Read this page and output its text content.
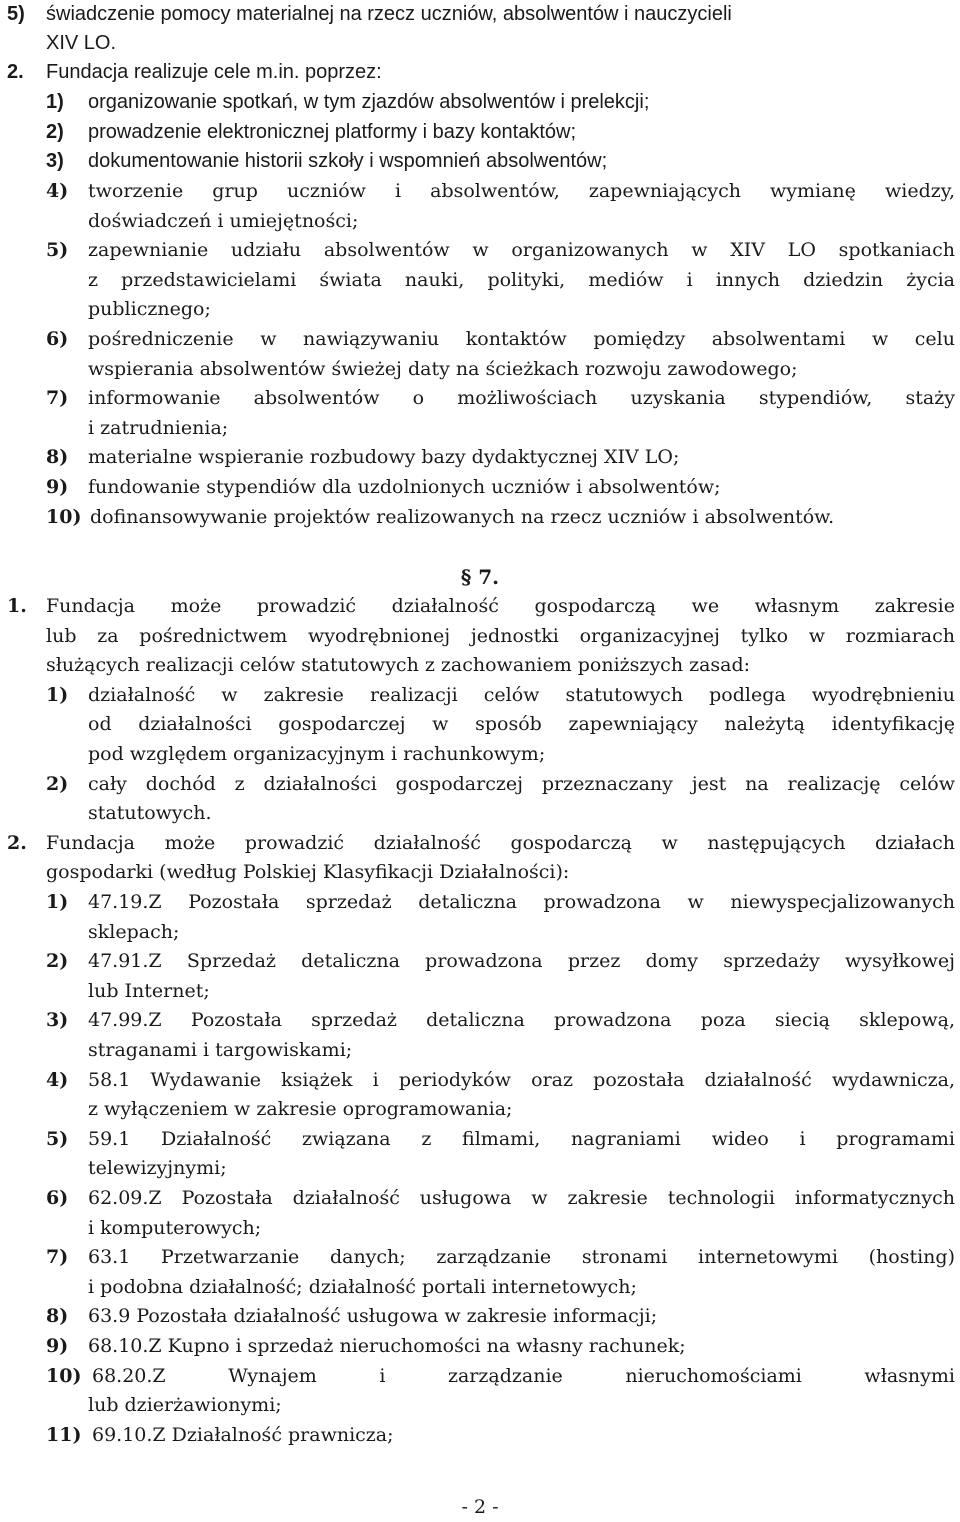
5) świadczenie pomocy materialnej na rzecz uczniów, absolwentów i nauczycieli
XIV LO.
2. Fundacja realizuje cele m.in. poprzez:
1) organizowanie spotkań, w tym zjazdów absolwentów i prelekcji;
2) prowadzenie elektronicznej platformy i bazy kontaktów;
3) dokumentowanie historii szkoły i wspomnień absolwentów;
4) tworzenie grup uczniów i absolwentów, zapewniających wymianę wiedzy,
doświadczeń i umiejętności;
5) zapewnianie udziału absolwentów w organizowanych w XIV LO spotkaniach
z przedstawicielami świata nauki, polityki, mediów i innych dziedzin życia
publicznego;
6) pośredniczenie w nawiązywaniu kontaktów pomiędzy absolwentami w celu
wspierania absolwentów świeżej daty na ścieżkach rozwoju zawodowego;
7) informowanie absolwentów o możliwościach uzyskania stypendiów, staży
i zatrudnienia;
8) materialne wspieranie rozbudowy bazy dydaktycznej XIV LO;
9) fundowanie stypendiów dla uzdolnionych uczniów i absolwentów;
10) dofinansowywanie projektów realizowanych na rzecz uczniów i absolwentów.
§ 7.
1. Fundacja może prowadzić działalność gospodarczą we własnym zakresie
lub za pośrednictwem wyodrębnionej jednostki organizacyjnej tylko w rozmiarach
służących realizacji celów statutowych z zachowaniem poniższych zasad:
1) działalność w zakresie realizacji celów statutowych podlega wyodrębnieniu
od działalności gospodarczej w sposób zapewniający należytą identyfikację
pod względem organizacyjnym i rachunkowym;
2) cały dochód z działalności gospodarczej przeznaczany jest na realizację celów
statutowych.
2. Fundacja może prowadzić działalność gospodarczą w następujących działach
gospodarki (według Polskiej Klasyfikacji Działalności):
1) 47.19.Z Pozostała sprzedaż detaliczna prowadzona w niewyspecjalizowanych
sklepach;
2) 47.91.Z Sprzedaż detaliczna prowadzona przez domy sprzedaży wysyłkowej
lub Internet;
3) 47.99.Z Pozostała sprzedaż detaliczna prowadzona poza siecią sklepową,
straganami i targowiskami;
4) 58.1 Wydawanie książek i periodyków oraz pozostała działalność wydawnicza,
z wyłączeniem w zakresie oprogramowania;
5) 59.1 Działalność związana z filmami, nagraniami wideo i programami
telewizyjnymi;
6) 62.09.Z Pozostała działalność usługowa w zakresie technologii informatycznych
i komputerowych;
7) 63.1 Przetwarzanie danych; zarządzanie stronami internetowymi (hosting)
i podobna działalność; działalność portali internetowych;
8) 63.9 Pozostała działalność usługowa w zakresie informacji;
9) 68.10.Z Kupno i sprzedaż nieruchomości na własny rachunek;
10) 68.20.Z Wynajem i zarządzanie nieruchomościami własnymi
lub dzierżawionymi;
11) 69.10.Z Działalność prawnicza;
- 2 -
